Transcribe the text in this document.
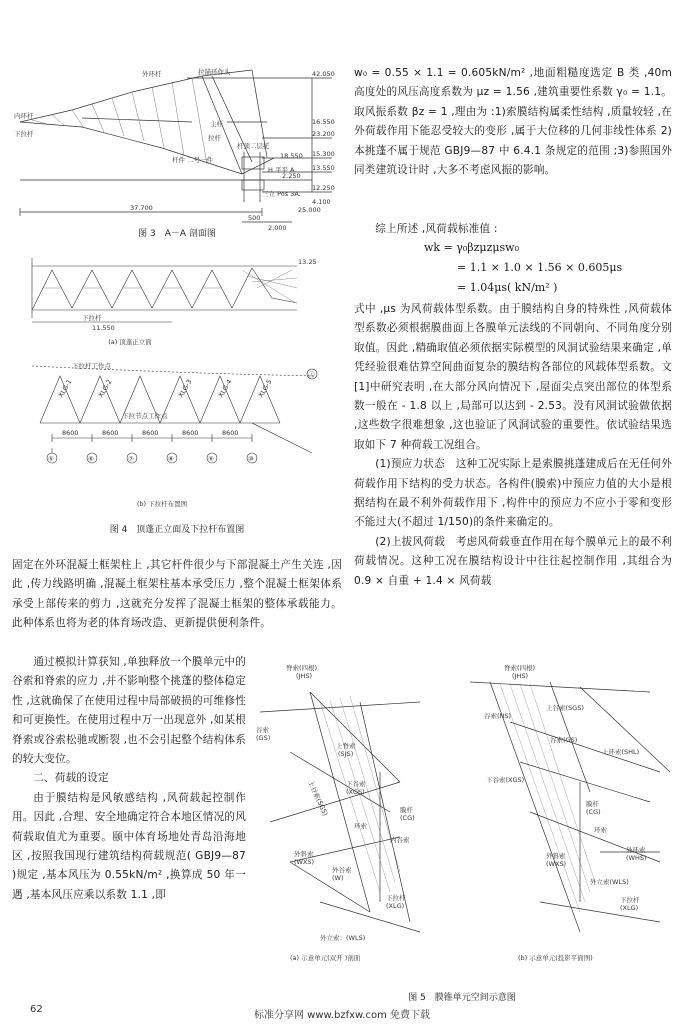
外环杆	拉锚环作头
主杆
拉杆
杆顶二层托
杆件 二号一件
H 平平 A
三立 Pos 3A.
内环杆
下拉杆
42.050
23.200
15.300
13.550
12.250
16.550
4.100
37.700
500
2.000
25.000
2.250
18.550
图 3　A－A 剖面图
下拉杆
11.550
13.25
(a) 顶蓬正立面
下拉杆工作点
下拉节点工作点
XLG-1	XLG-2	XLG-3	XLG-4	XLG-5
8600	8600	8600	8600	8600
⑤	⑥	⑦	⑧	⑨	⑩
Ⓐ
(b) 下拉杆布置图
图 4　顶蓬正立面及下拉杆布置图

w₀ = 0.55 × 1.1 = 0.605kN/m² ,地面粗糙度选定 B 类 ,40m 高度处的风压高度系数为 μz = 1.56 ,建筑重要性系数 γ₀ = 1.1。取风振系数 βz = 1 ,理由为 :1)索膜结构属柔性结构 ,质量较轻 ,在外荷载作用下能忍受较大的变形 ,属于大位移的几何非线性体系 2)本挑蓬不属于规范 GBJ9—87 中 6.4.1 条规定的范围 ;3)参照国外同类建筑设计时 ,大多不考虑风振的影响。

综上所述 ,风荷载标准值 :
wk = γ₀βzμzμsw₀
= 1.1 × 1.0 × 1.56 × 0.605μs
= 1.04μs( kN/m² )

式中 ,μs 为风荷载体型系数。由于膜结构自身的特殊性 ,风荷载体型系数必须根据膜曲面上各膜单元法线的不同朝向、不同角度分别取值。因此 ,精确取值必须依据实际模型的风洞试验结果来确定 ,单凭经验很难估算空间曲面复杂的膜结构各部位的风载体型系数。文[1]中研究表明 ,在大部分风向情况下 ,屋面尖点突出部位的体型系数一般在 - 1.8 以上 ,局部可以达到 - 2.53。没有风洞试验做依据 ,这些数字很难想象 ,这也验证了风洞试验的重要性。依试验结果选取如下 7 种荷载工况组合。

(1)预应力状态　这种工况实际上是索膜挑蓬建成后在无任何外荷载作用下结构的受力状态。各构件(膜索)中预应力值的大小是根据结构在最不利外荷载作用下 ,构件中的预应力不应小于零和变形不能过大(不超过 1/150)的条件来确定的。

(2)上拔风荷载　考虑风荷载垂直作用在每个膜单元上的最不利荷载情况。这种工况在膜结构设计中往往起控制作用 ,其组合为 0.9 × 自重 + 1.4 × 风荷载

固定在外环混凝土框架柱上 ,其它杆件很少与下部混凝土产生关连 ,因此 ,传力线路明确 ,混凝土框架柱基本承受压力 ,整个混凝土框架体系承受上部传来的剪力 ,这就充分发挥了混凝土框架的整体承载能力。此种体系也将为老的体育场改造、更新提供便利条件。

通过模拟计算获知 ,单独释放一个膜单元中的谷索和脊索的应力 ,并不影响整个挑蓬的整体稳定性 ,这就确保了在使用过程中局部破损的可维修性和可更换性。在使用过程中万一出现意外 ,如某根脊索或谷索松驰或断裂 ,也不会引起整个结构体系的较大变位。

二、荷载的设定

由于膜结构是风敏感结构 ,风荷载起控制作用。因此 ,合理、安全地确定符合本地区情况的风荷载取值尤为重要。颐中体育场地处青岛沿海地区 ,按照我国现行建筑结构荷载规范( GBJ9—87 )规定 ,基本风压为 0.55kN/m² ,换算成 50 年一遇 ,基本风压应乘以系数 1.1 ,即

脊索(四根)
(JHS)
上脊索
(SJS)
谷索
(GS)
上谷索(SGS)	下谷索
(XGS)
膜杆
(CG)
外斜索
(WXS)
外谷索
(W)
内谷索
下拉杆
(XLG)
外立索：(WLS)
环索
(a) 示意单元(双开 )剖面
脊索(四根)
(JHS)
谷索(NS)
上谷索(SGS)
谷索(GS)
上环索(SHL)
下谷索(XGS)
膜杆
(CG)
外斜索
(WXS)
外环索
(WHS)
外立索(WLS)
下拉杆
(XLG)
环索
(b) 示意单元(投影平面图)
图 5　膜锥单元空间示意图
62
标准分享网 www.bzfxw.com 免费下载
